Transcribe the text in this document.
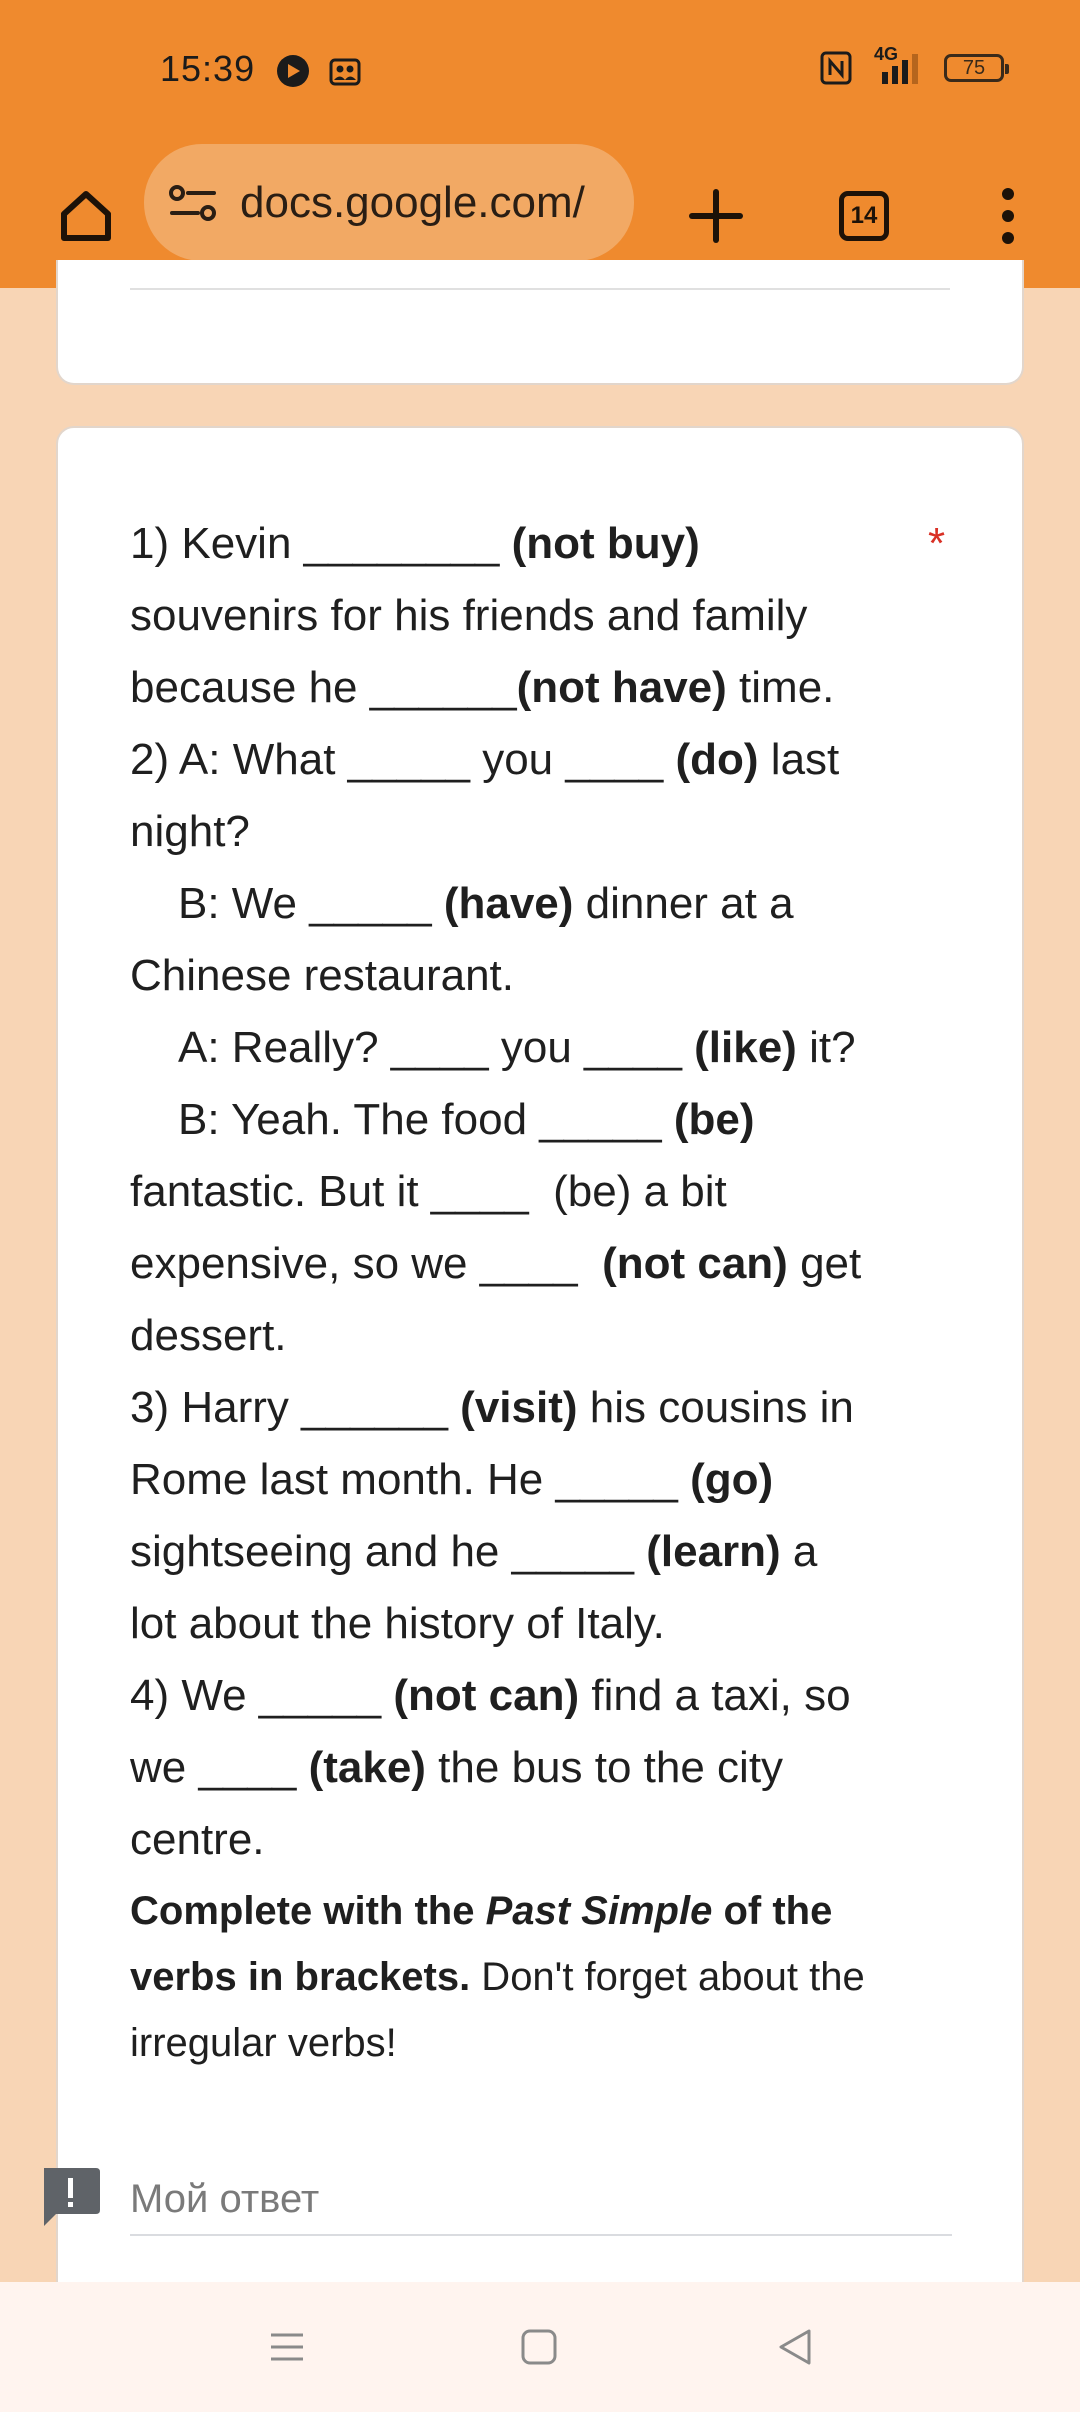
15:39	4G
75
docs.google.com/	14

1) Kevin ________ (not buy)

souvenirs for his friends and family

because he ______(not have) time.

2) A: What _____ you ____ (do) last

night?

B: We _____ (have) dinner at a

Chinese restaurant.

A: Really? ____ you ____ (like) it?

B: Yeah. The food _____ (be)

fantastic. But it ____  (be) a bit

expensive, so we ____  (not can) get

dessert.

3) Harry ______ (visit) his cousins in

Rome last month. He _____ (go)

sightseeing and he _____ (learn) a

lot about the history of Italy.

4) We _____ (not can) find a taxi, so

we ____ (take) the bus to the city

centre.

*
Complete with the Past Simple of the verbs in brackets. Don't forget about the irregular verbs!
Мой ответ
